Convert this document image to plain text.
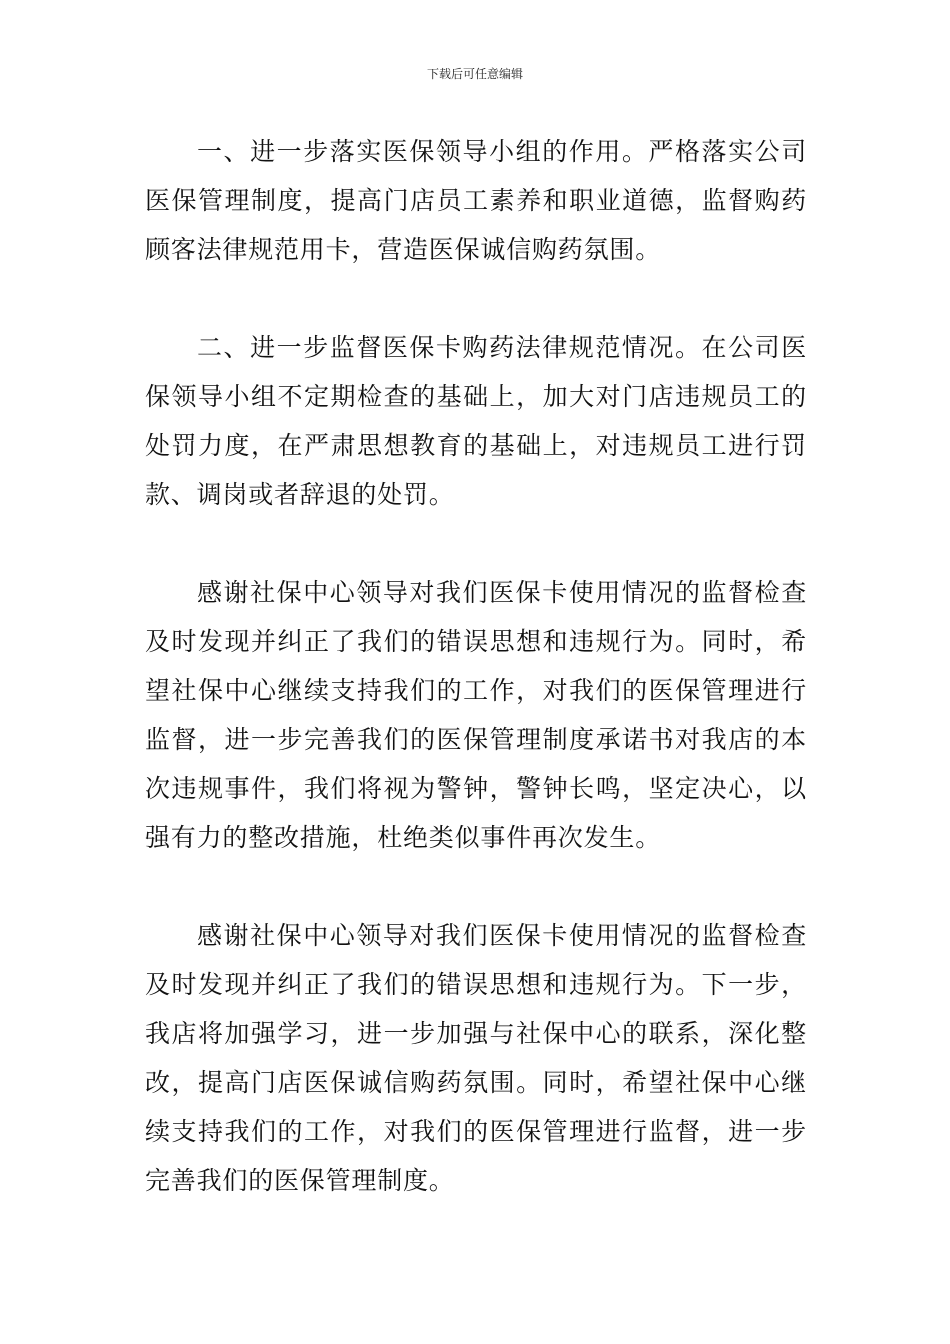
下载后可任意编辑

一、进一步落实医保领导小组的作用。严格落实公司医保管理制度，提高门店员工素养和职业道德，监督购药顾客法律规范用卡，营造医保诚信购药氛围。

二、进一步监督医保卡购药法律规范情况。在公司医保领导小组不定期检查的基础上，加大对门店违规员工的处罚力度，在严肃思想教育的基础上，对违规员工进行罚款、调岗或者辞退的处罚。

感谢社保中心领导对我们医保卡使用情况的监督检查及时发现并纠正了我们的错误思想和违规行为。同时，希望社保中心继续支持我们的工作，对我们的医保管理进行监督，进一步完善我们的医保管理制度承诺书对我店的本次违规事件，我们将视为警钟，警钟长鸣，坚定决心，以强有力的整改措施，杜绝类似事件再次发生。

感谢社保中心领导对我们医保卡使用情况的监督检查及时发现并纠正了我们的错误思想和违规行为。下一步，我店将加强学习，进一步加强与社保中心的联系，深化整改，提高门店医保诚信购药氛围。同时，希望社保中心继续支持我们的工作，对我们的医保管理进行监督，进一步完善我们的医保管理制度。
